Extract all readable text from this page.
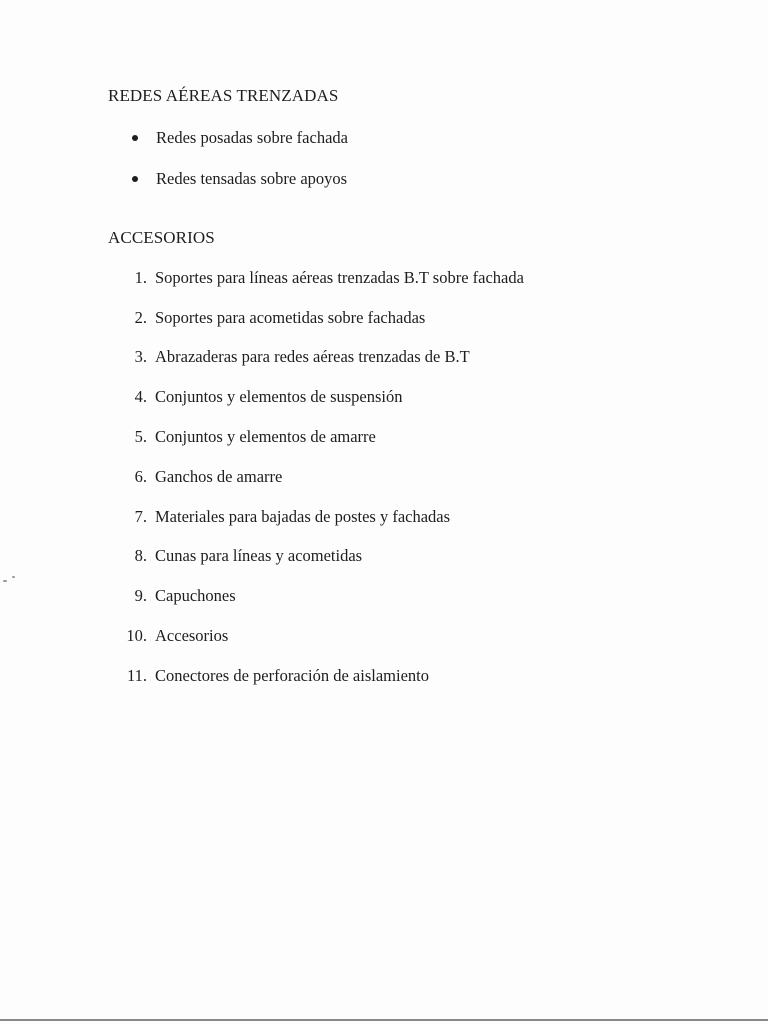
REDES AÉREAS TRENZADAS
Redes posadas sobre fachada
Redes tensadas sobre apoyos
ACCESORIOS
1. Soportes para líneas aéreas trenzadas B.T sobre fachada
2. Soportes para acometidas sobre fachadas
3. Abrazaderas para redes aéreas trenzadas de B.T
4. Conjuntos y elementos de suspensión
5. Conjuntos y elementos de amarre
6. Ganchos de amarre
7. Materiales para bajadas de postes y fachadas
8. Cunas para líneas y acometidas
9. Capuchones
10. Accesorios
11. Conectores de perforación de aislamiento
